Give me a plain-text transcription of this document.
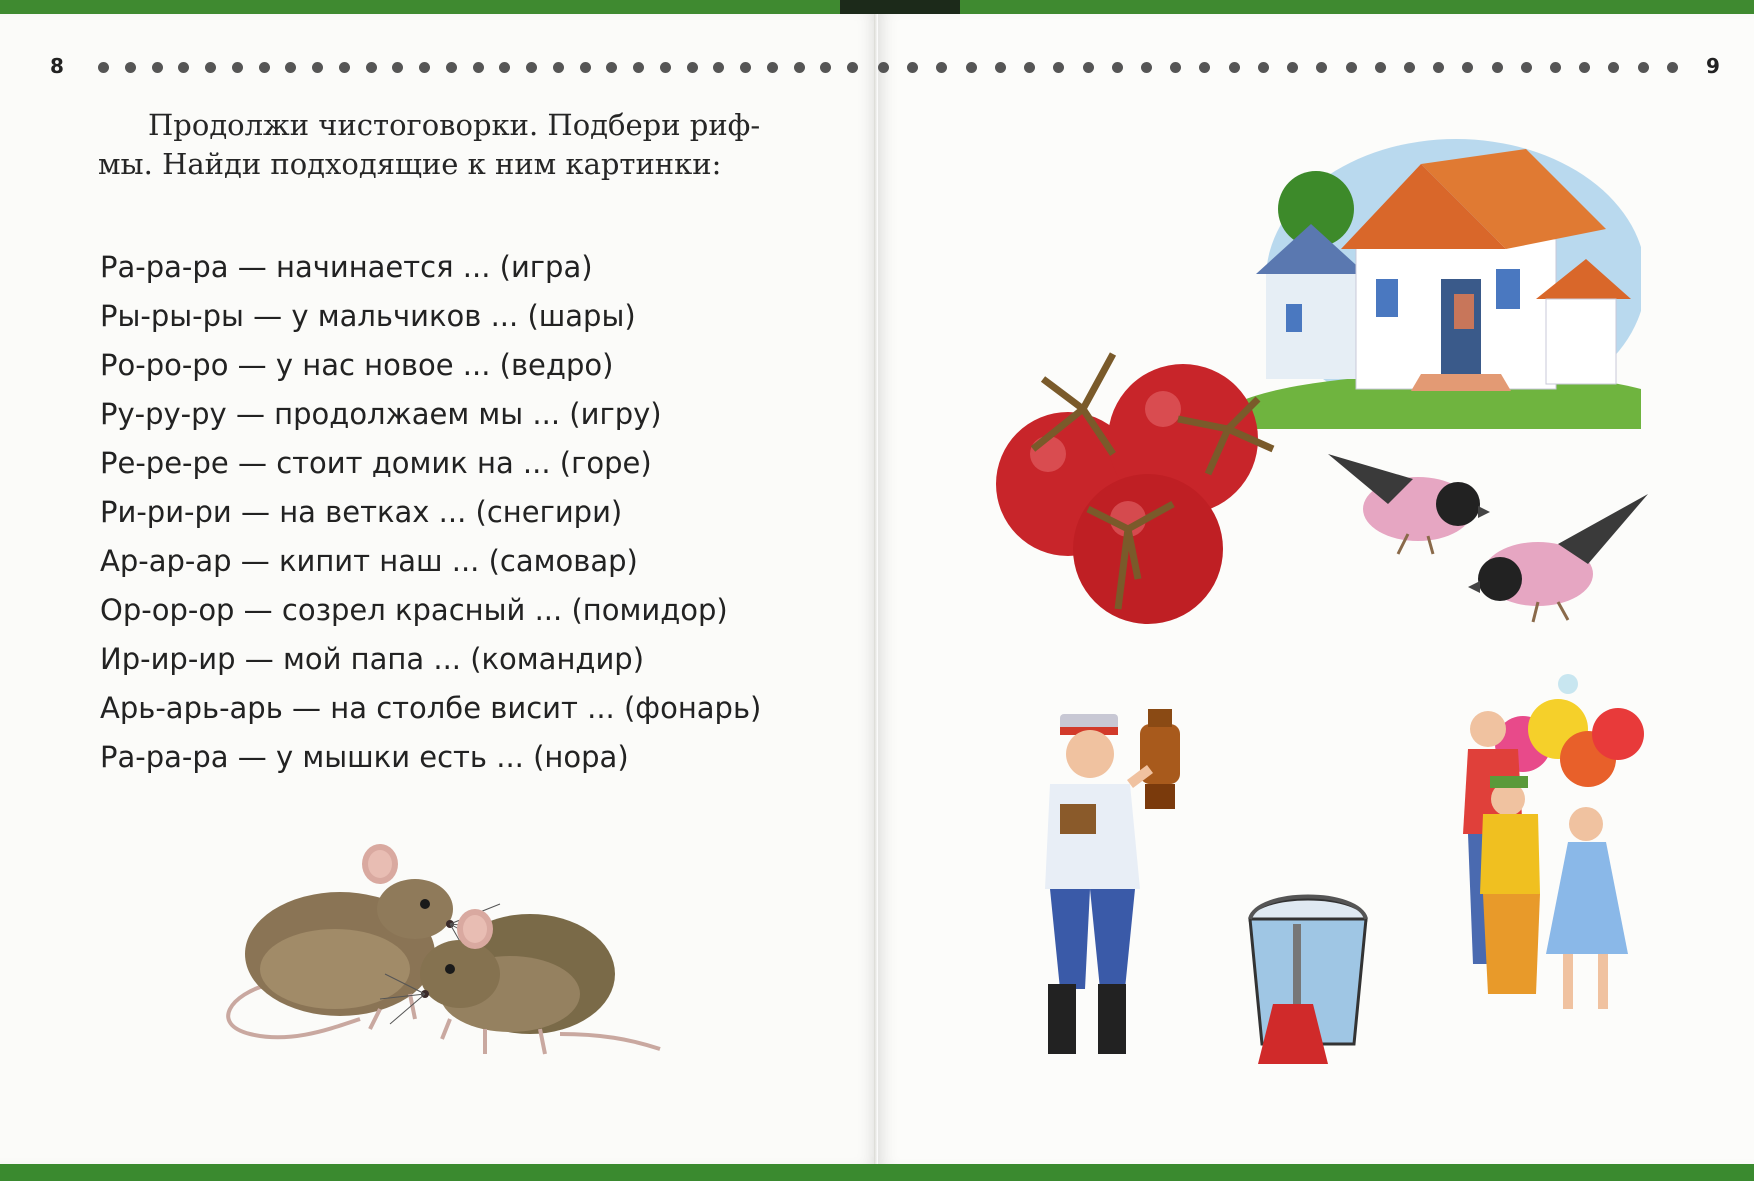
8
Продолжи чистоговорки. Подбери риф-
мы. Найди подходящие к ним картинки:
Ра-ра-ра — начинается ... (игра)
Ры-ры-ры — у мальчиков ... (шары)
Ро-ро-ро — у нас новое ... (ведро)
Ру-ру-ру — продолжаем мы ... (игру)
Ре-ре-ре — стоит домик на ... (горе)
Ри-ри-ри — на ветках ... (снегири)
Ар-ар-ар — кипит наш ... (самовар)
Ор-ор-ор — созрел красный ... (помидор)
Ир-ир-ир — мой папа ... (командир)
Арь-арь-арь — на столбе висит ... (фонарь)
Ра-ра-ра — у мышки есть ... (нора)
9
